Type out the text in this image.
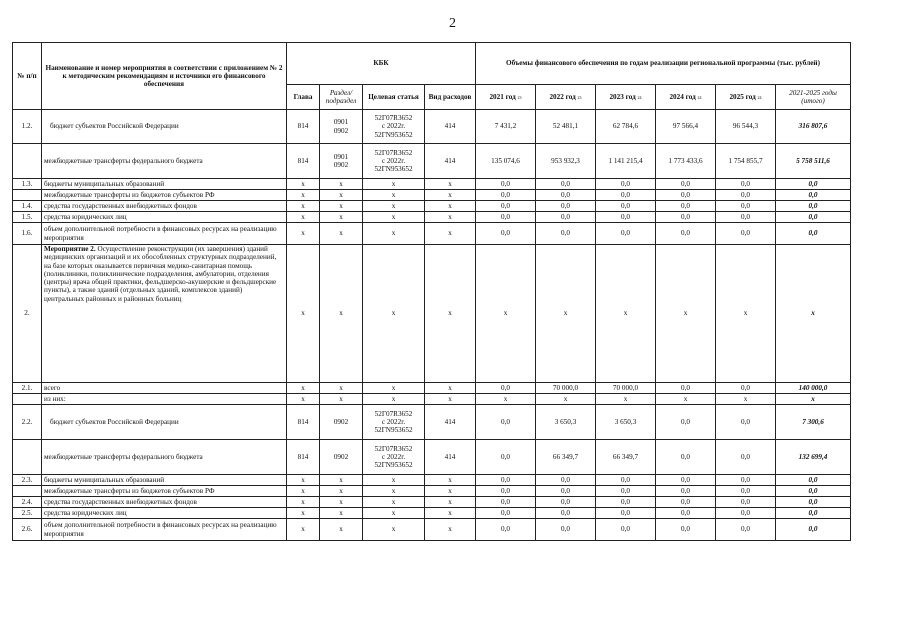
2
№ п/п	Наименование и номер мероприятия в соответствии с приложением № 2 к методическим рекомендациям и источники его финансового обеспечения	КБК				Объемы финансового обеспечения по годам реализации региональной программы (тыс. рублей)					
		Глава	Раздел/ подраздел	Целевая статья	Вид расходов	2021 год 23	2022 год 23	2023 год 24	2024 год 24	2025 год 24	2021-2025 годы (итого)
1.2.	бюджет субъектов Российской Федерации	814	0901
0902	52Г07R3652
с 2022г.
52ГN953652	414	7 431,2	52 481,1	62 784,6	97 566,4	96 544,3	316 807,6
	межбюджетные трансферты федерального бюджета	814	0901
0902	52Г07R3652
с 2022г.
52ГN953652	414	135 074,6	953 932,3	1 141 215,4	1 773 433,6	1 754 855,7	5 758 511,6
1.3.	бюджеты муниципальных образований	x	x	x	x	0,0	0,0	0,0	0,0	0,0	0,0
	межбюджетные трансферты из бюджетов субъектов РФ	x	x	x	x	0,0	0,0	0,0	0,0	0,0	0,0
1.4.	средства государственных внебюджетных фондов	x	x	x	x	0,0	0,0	0,0	0,0	0,0	0,0
1.5.	средства юридических лиц	x	x	x	x	0,0	0,0	0,0	0,0	0,0	0,0
1.6.	объем дополнительной потребности в финансовых ресурсах на реализацию мероприятия	x	x	x	x	0,0	0,0	0,0	0,0	0,0	0,0
2.	Мероприятие 2. Осуществление реконструкции (их завершения) зданий медицинских организаций и их обособленных структурных подразделений, на базе которых оказывается первичная медико-санитарная помощь (поликлиники, поликлинические подразделения, амбулатории, отделения (центры) врача общей практики, фельдшерско-акушерские и фельдшерские пункты), а также зданий (отдельных зданий, комплексов зданий) центральных районных и районных больниц	x	x	x	x	x	x	x	x	x	x
2.1.	всего	x	x	x	x	0,0	70 000,0	70 000,0	0,0	0,0	140 000,0
	из них:	x	x	x	x	x	x	x	x	x	x
2.2.	бюджет субъектов Российской Федерации	814	0902	52Г07R3652
с 2022г.
52ГN953652	414	0,0	3 650,3	3 650,3	0,0	0,0	7 300,6
	межбюджетные трансферты федерального бюджета	814	0902	52Г07R3652
с 2022г.
52ГN953652	414	0,0	66 349,7	66 349,7	0,0	0,0	132 699,4
2.3.	бюджеты муниципальных образований	x	x	x	x	0,0	0,0	0,0	0,0	0,0	0,0
	межбюджетные трансферты из бюджетов субъектов РФ	x	x	x	x	0,0	0,0	0,0	0,0	0,0	0,0
2.4.	средства государственных внебюджетных фондов	x	x	x	x	0,0	0,0	0,0	0,0	0,0	0,0
2.5.	средства юридических лиц	x	x	x	x	0,0	0,0	0,0	0,0	0,0	0,0
2.6.	объем дополнительной потребности в финансовых ресурсах на реализацию мероприятия	x	x	x	x	0,0	0,0	0,0	0,0	0,0	0,0
